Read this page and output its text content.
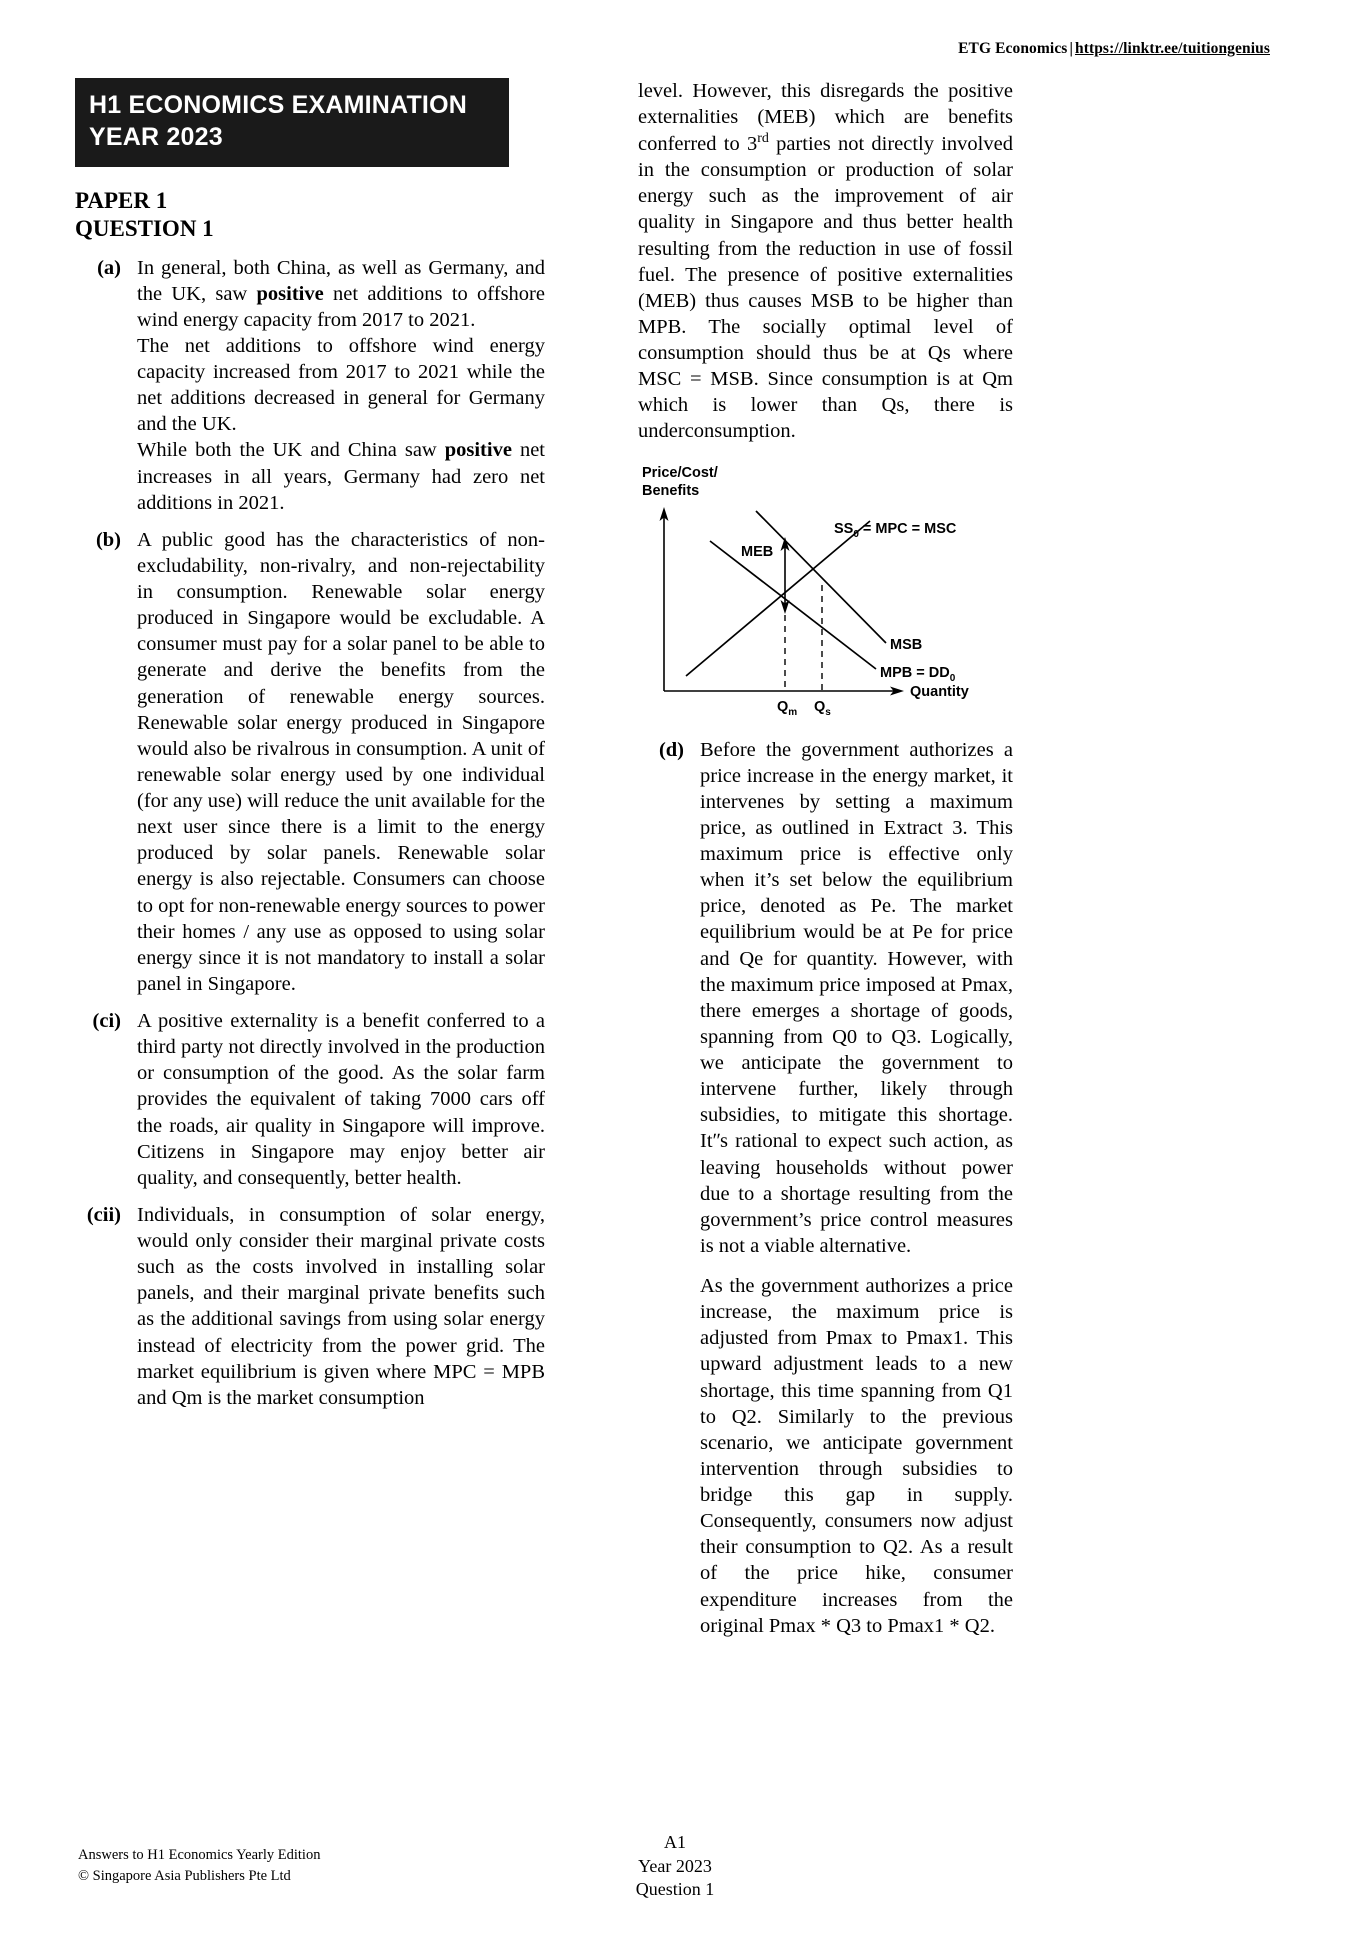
ETG Economics | https://linktr.ee/tuitiongenius
H1 ECONOMICS EXAMINATION
YEAR 2023
PAPER 1
QUESTION 1
(a) In general, both China, as well as Germany, and the UK, saw positive net additions to offshore wind energy capacity from 2017 to 2021.

The net additions to offshore wind energy capacity increased from 2017 to 2021 while the net additions decreased in general for Germany and the UK.

While both the UK and China saw positive net increases in all years, Germany had zero net additions in 2021.

(b) A public good has the characteristics of non-excludability, non-rivalry, and non-rejectability in consumption. Renewable solar energy produced in Singapore would be excludable. A consumer must pay for a solar panel to be able to generate and derive the benefits from the generation of renewable energy sources. Renewable solar energy produced in Singapore would also be rivalrous in consumption. A unit of renewable solar energy used by one individual (for any use) will reduce the unit available for the next user since there is a limit to the energy produced by solar panels. Renewable solar energy is also rejectable. Consumers can choose to opt for non-renewable energy sources to power their homes / any use as opposed to using solar energy since it is not mandatory to install a solar panel in Singapore.

(ci) A positive externality is a benefit conferred to a third party not directly involved in the production or consumption of the good. As the solar farm provides the equivalent of taking 7000 cars off the roads, air quality in Singapore will improve. Citizens in Singapore may enjoy better air quality, and consequently, better health.

(cii) Individuals, in consumption of solar energy, would only consider their marginal private costs such as the costs involved in installing solar panels, and their marginal private benefits such as the additional savings from using solar energy instead of electricity from the power grid. The market equilibrium is given where MPC = MPB and Qm is the market consumption

level. However, this disregards the positive externalities (MEB) which are benefits conferred to 3rd parties not directly involved in the consumption or production of solar energy such as the improvement of air quality in Singapore and thus better health resulting from the reduction in use of fossil fuel. The presence of positive externalities (MEB) thus causes MSB to be higher than MPB. The socially optimal level of consumption should thus be at Qs where MSC = MSB. Since consumption is at Qm which is lower than Qs, there is underconsumption.

Price/Cost/
Benefits
Quantity
$SS_0$ = MPC = MSC
MSB
MPB = $DD_0$
MEB
$Q_m$ $Q_s$
(d) Before the government authorizes a price increase in the energy market, it intervenes by setting a maximum price, as outlined in Extract 3. This maximum price is effective only when it’s set below the equilibrium price, denoted as Pe. The market equilibrium would be at Pe for price and Qe for quantity. However, with the maximum price imposed at Pmax, there emerges a shortage of goods, spanning from Q0 to Q3. Logically, we anticipate the government to intervene further, likely through subsidies, to mitigate this shortage. Itʺs rational to expect such action, as leaving households without power due to a shortage resulting from the government’s price control measures is not a viable alternative.

As the government authorizes a price increase, the maximum price is adjusted from Pmax to Pmax1. This upward adjustment leads to a new shortage, this time spanning from Q1 to Q2. Similarly to the previous scenario, we anticipate government intervention through subsidies to bridge this gap in supply. Consequently, consumers now adjust their consumption to Q2. As a result of the price hike, consumer expenditure increases from the original Pmax * Q3 to Pmax1 * Q2.

Answers to H1 Economics Yearly Edition
© Singapore Asia Publishers Pte Ltd
A1
Year 2023
Question 1
